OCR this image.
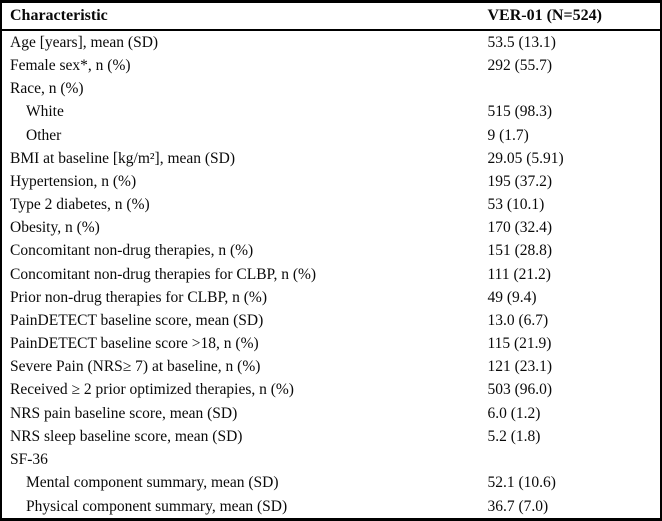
Characteristic	VER-01 (N=524)
Age [years], mean (SD)	53.5 (13.1)
Female sex*, n (%)	292 (55.7)
Race, n (%)	
White	515 (98.3)
Other	9 (1.7)
BMI at baseline [kg/m²], mean (SD)	29.05 (5.91)
Hypertension, n (%)	195 (37.2)
Type 2 diabetes, n (%)	53 (10.1)
Obesity, n (%)	170 (32.4)
Concomitant non-drug therapies, n (%)	151 (28.8)
Concomitant non-drug therapies for CLBP, n (%)	111 (21.2)
Prior non-drug therapies for CLBP, n (%)	49 (9.4)
PainDETECT baseline score, mean (SD)	13.0 (6.7)
PainDETECT baseline score >18, n (%)	115 (21.9)
Severe Pain (NRS≥ 7) at baseline, n (%)	121 (23.1)
Received ≥ 2 prior optimized therapies, n (%)	503 (96.0)
NRS pain baseline score, mean (SD)	6.0 (1.2)
NRS sleep baseline score, mean (SD)	5.2 (1.8)
SF-36	
Mental component summary, mean (SD)	52.1 (10.6)
Physical component summary, mean (SD)	36.7 (7.0)
